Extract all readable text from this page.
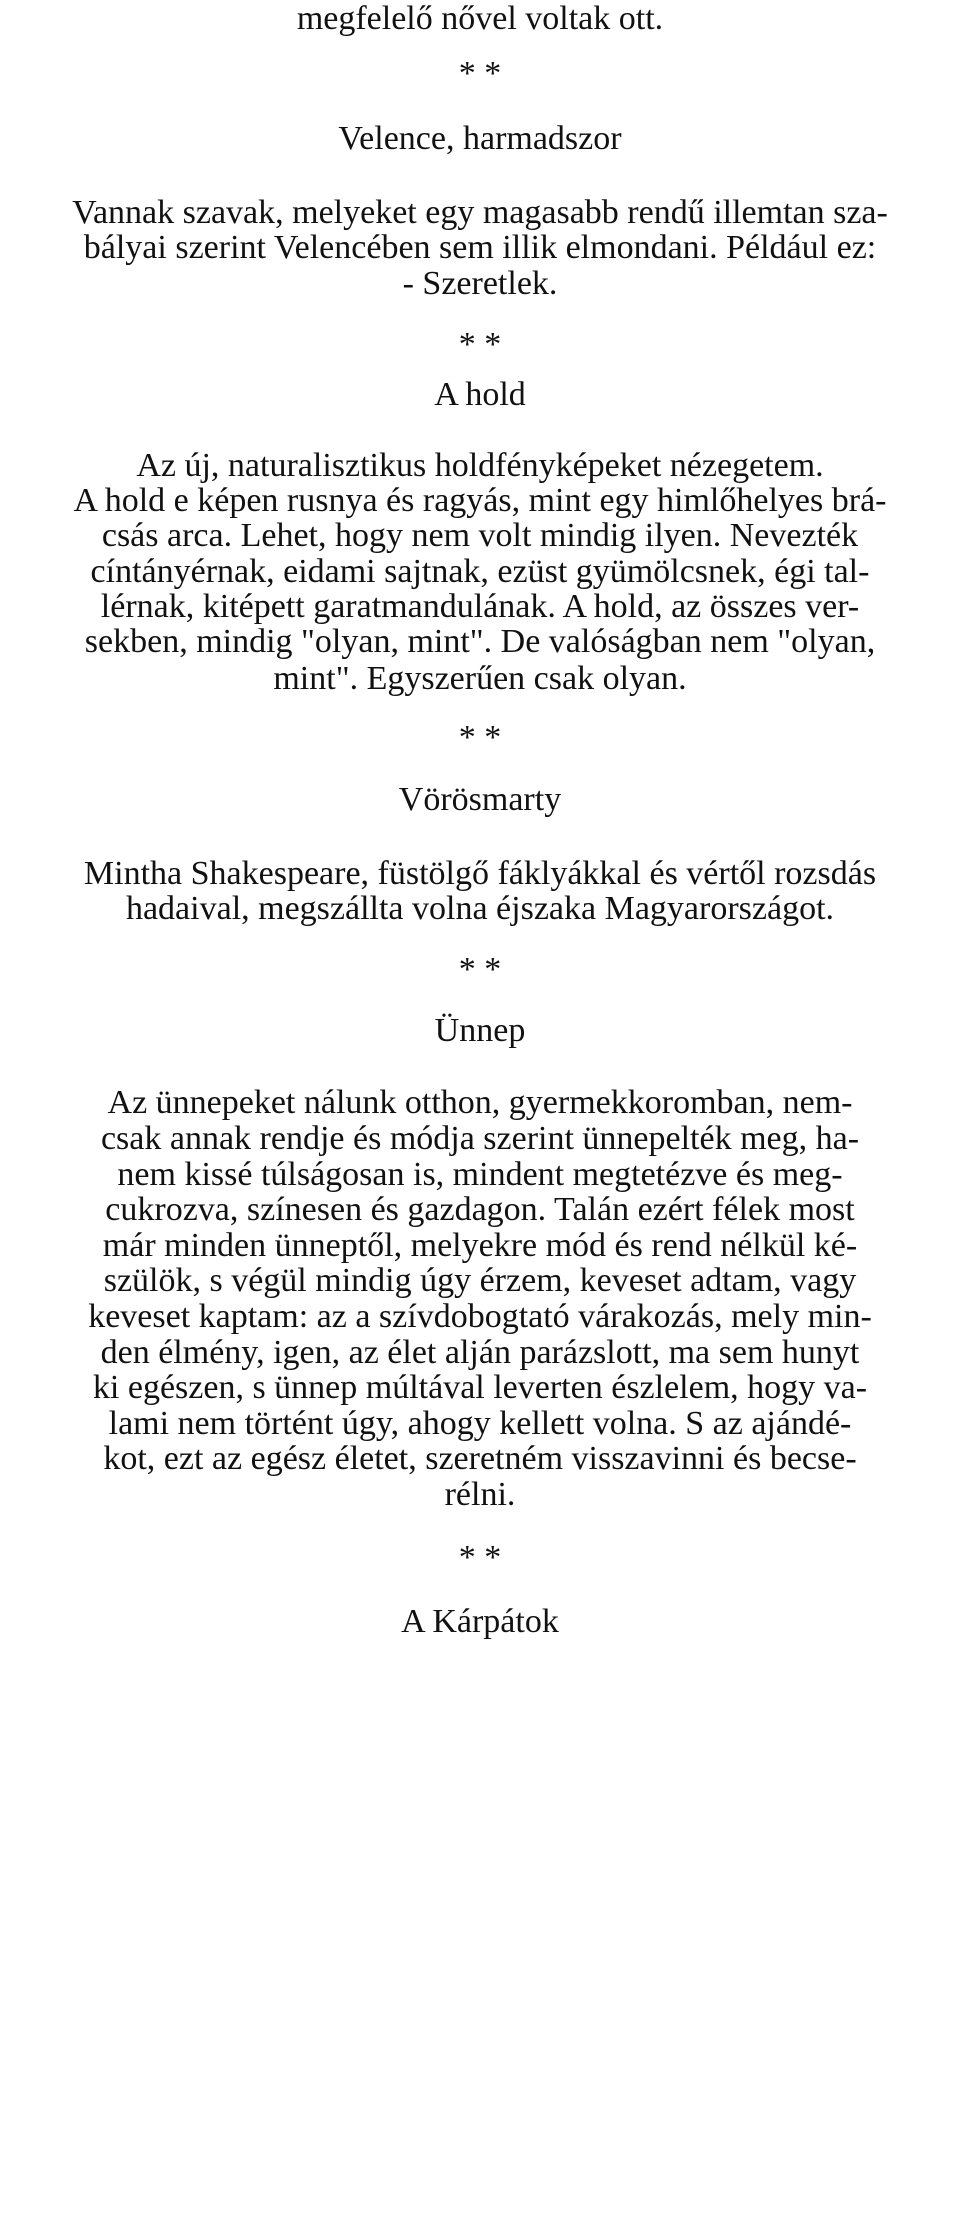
megfelelő nővel voltak ott.
* *
Velence, harmadszor
Vannak szavak, melyeket egy magasabb rendű illemtan sza-
bályai szerint Velencében sem illik elmondani. Például ez:
- Szeretlek.
* *
A hold
Az új, naturalisztikus holdfényképeket nézegetem.
A hold e képen rusnya és ragyás, mint egy himlőhelyes brá-
csás arca. Lehet, hogy nem volt mindig ilyen. Nevezték
cíntányérnak, eidami sajtnak, ezüst gyümölcsnek, égi tal-
lérnak, kitépett garatmandulának. A hold, az összes ver-
sekben, mindig "olyan, mint". De valóságban nem "olyan,
mint". Egyszerűen csak olyan.
* *
Vörösmarty
Mintha Shakespeare, füstölgő fáklyákkal és vértől rozsdás
hadaival, megszállta volna éjszaka Magyarországot.
* *
Ünnep
Az ünnepeket nálunk otthon, gyermekkoromban, nem-
csak annak rendje és módja szerint ünnepelték meg, ha-
nem kissé túlságosan is, mindent megtetézve és meg-
cukrozva, színesen és gazdagon. Talán ezért félek most
már minden ünneptől, melyekre mód és rend nélkül ké-
szülök, s végül mindig úgy érzem, keveset adtam, vagy
keveset kaptam: az a szívdobogtató várakozás, mely min-
den élmény, igen, az élet alján parázslott, ma sem hunyt
ki egészen, s ünnep múltával leverten észlelem, hogy va-
lami nem történt úgy, ahogy kellett volna. S az ajándé-
kot, ezt az egész életet, szeretném visszavinni és becse-
rélni.
* *
A Kárpátok
